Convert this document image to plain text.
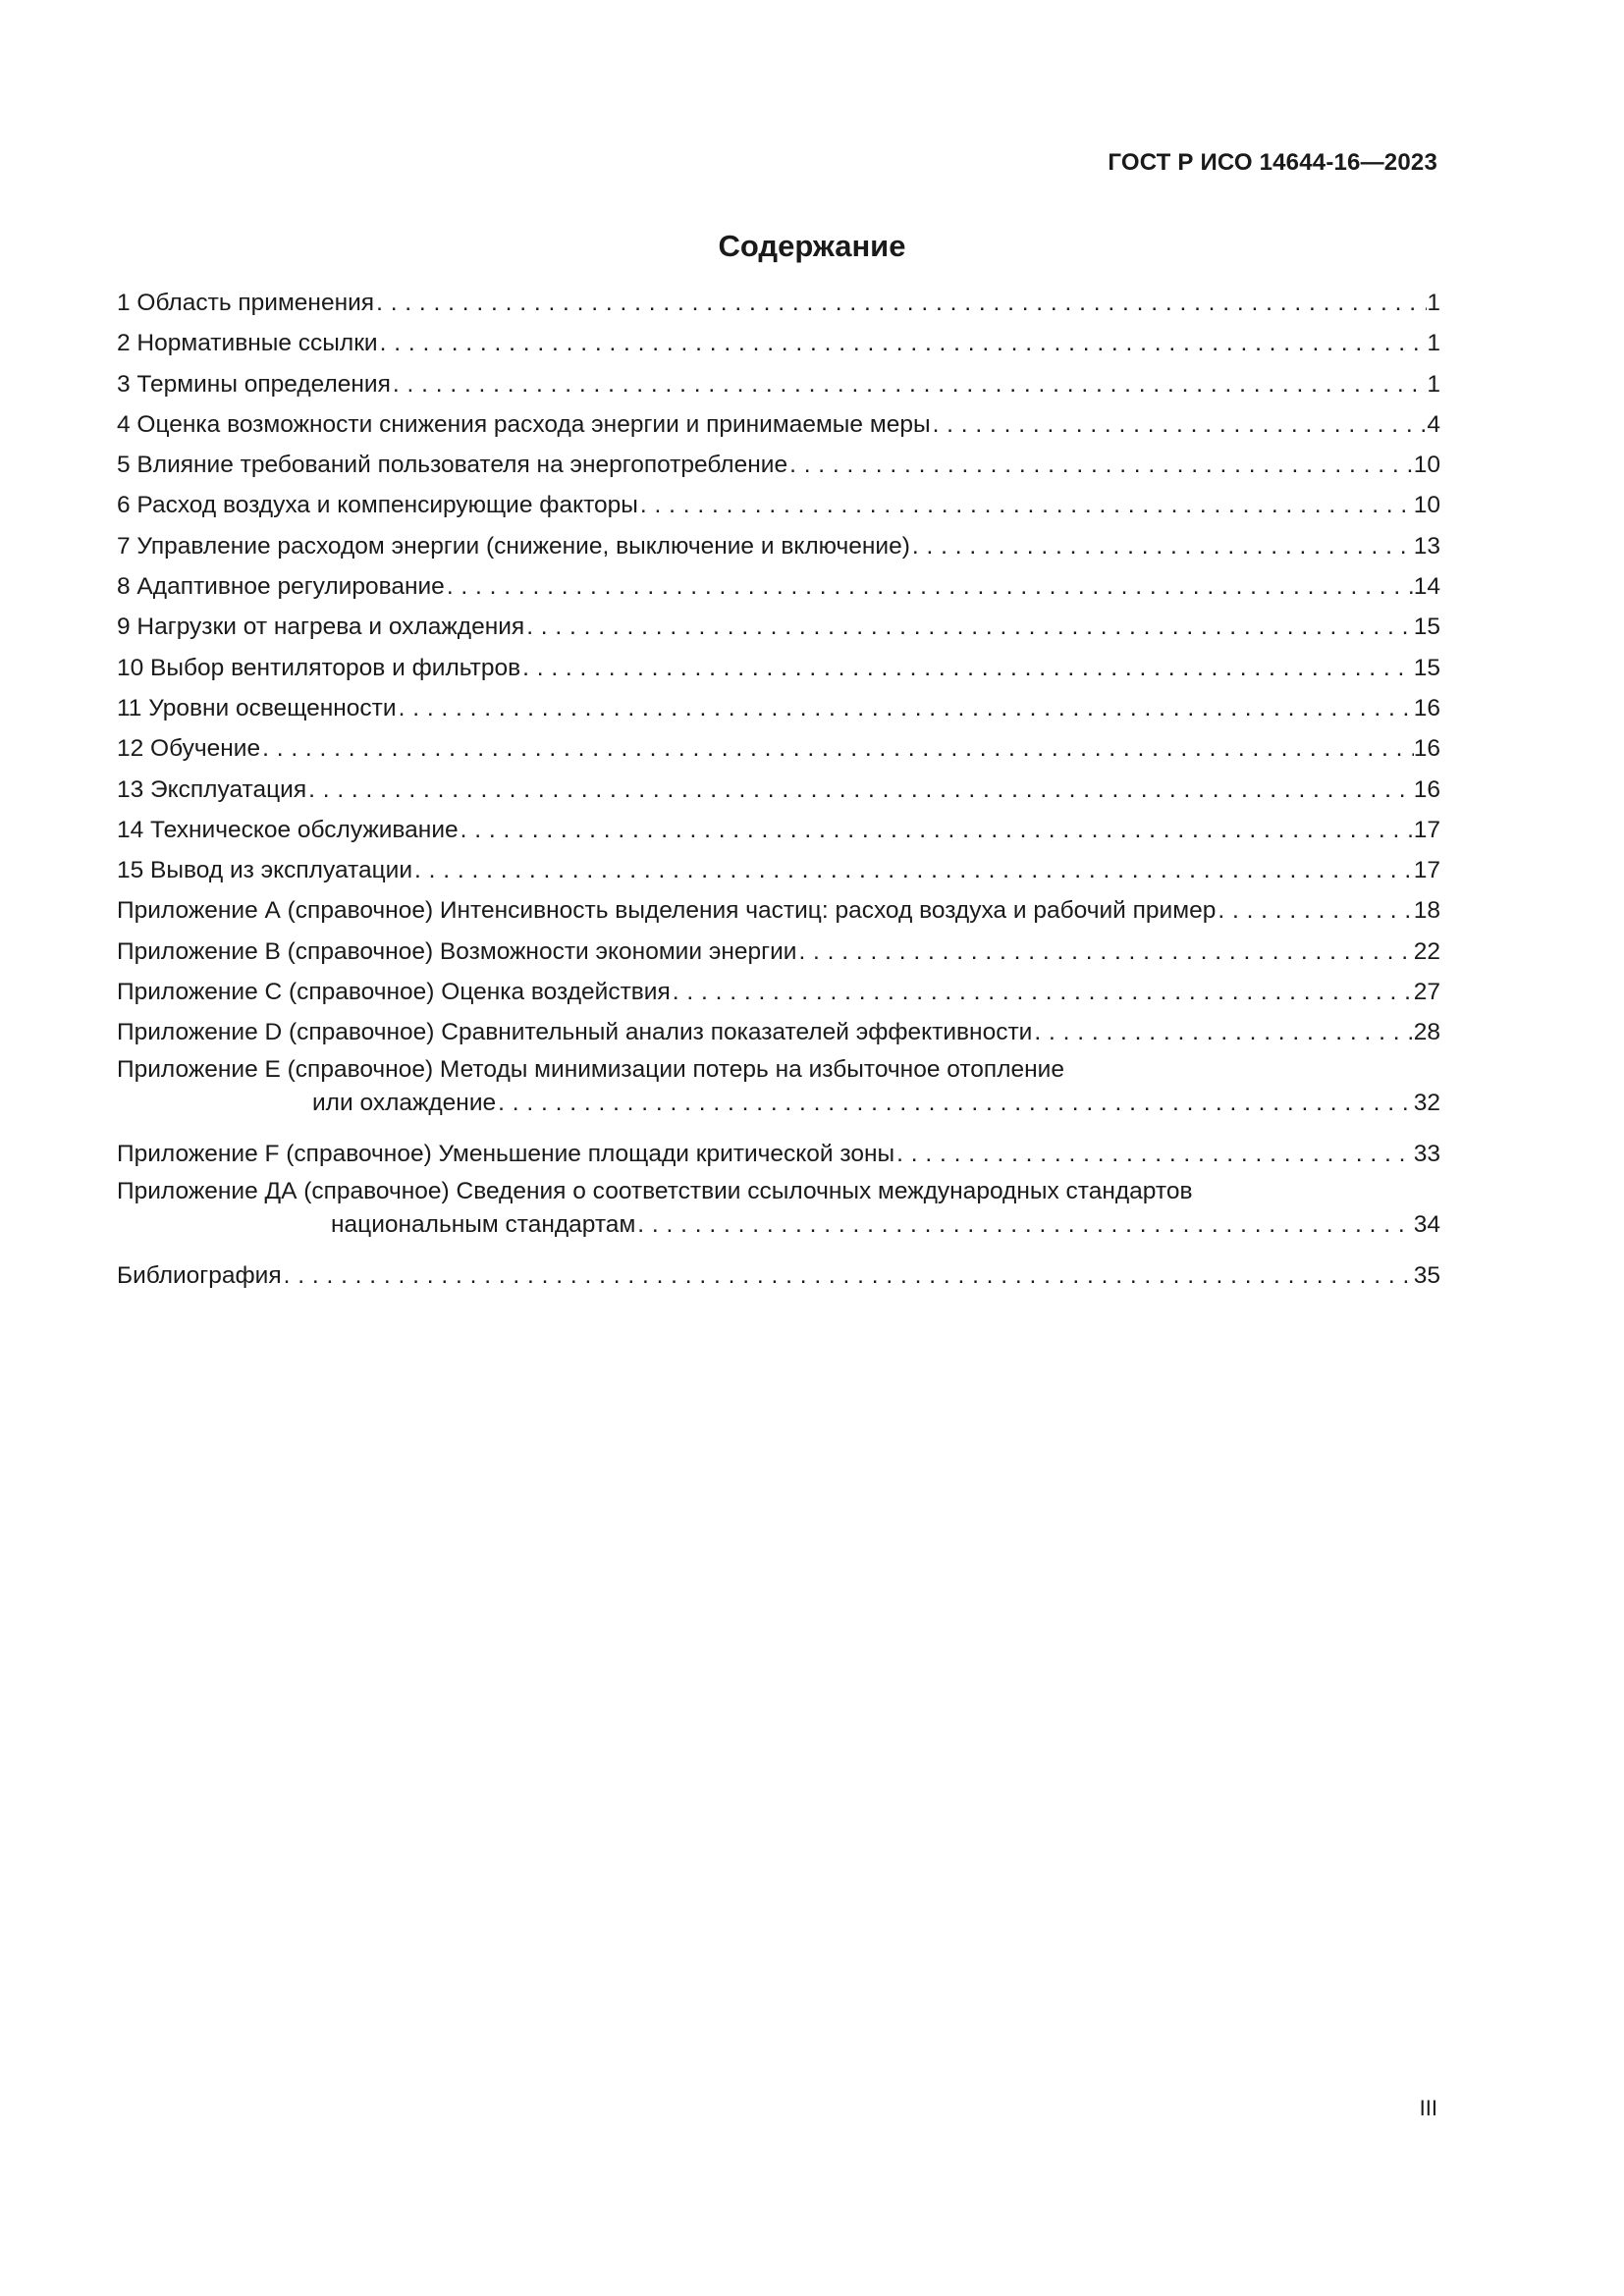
ГОСТ Р ИСО 14644-16—2023
Содержание
1 Область применения . . .	1
2 Нормативные ссылки . . .	1
3 Термины определения . . .	1
4 Оценка возможности снижения расхода энергии и принимаемые меры . . .	4
5 Влияние требований пользователя на энергопотребление . . .	10
6 Расход воздуха и компенсирующие факторы . . .	10
7 Управление расходом энергии (снижение, выключение и включение) . . .	13
8 Адаптивное регулирование . . .	14
9 Нагрузки от нагрева и охлаждения . . .	15
10 Выбор вентиляторов и фильтров . . .	15
11 Уровни освещенности . . .	16
12 Обучение . . .	16
13 Эксплуатация . . .	16
14 Техническое обслуживание . . .	17
15 Вывод из эксплуатации . . .	17
Приложение А (справочное) Интенсивность выделения частиц: расход воздуха и рабочий пример . . .	18
Приложение В (справочное) Возможности экономии энергии . . .	22
Приложение С (справочное) Оценка воздействия . . .	27
Приложение D (справочное) Сравнительный анализ показателей эффективности . . .	28
Приложение Е (справочное) Методы минимизации потерь на избыточное отопление
или охлаждение . . .	32
Приложение F (справочное) Уменьшение площади критической зоны . . .	33
Приложение ДА (справочное) Сведения о соответствии ссылочных международных стандартов
национальным стандартам . . .	34
Библиография . . .	35
III
